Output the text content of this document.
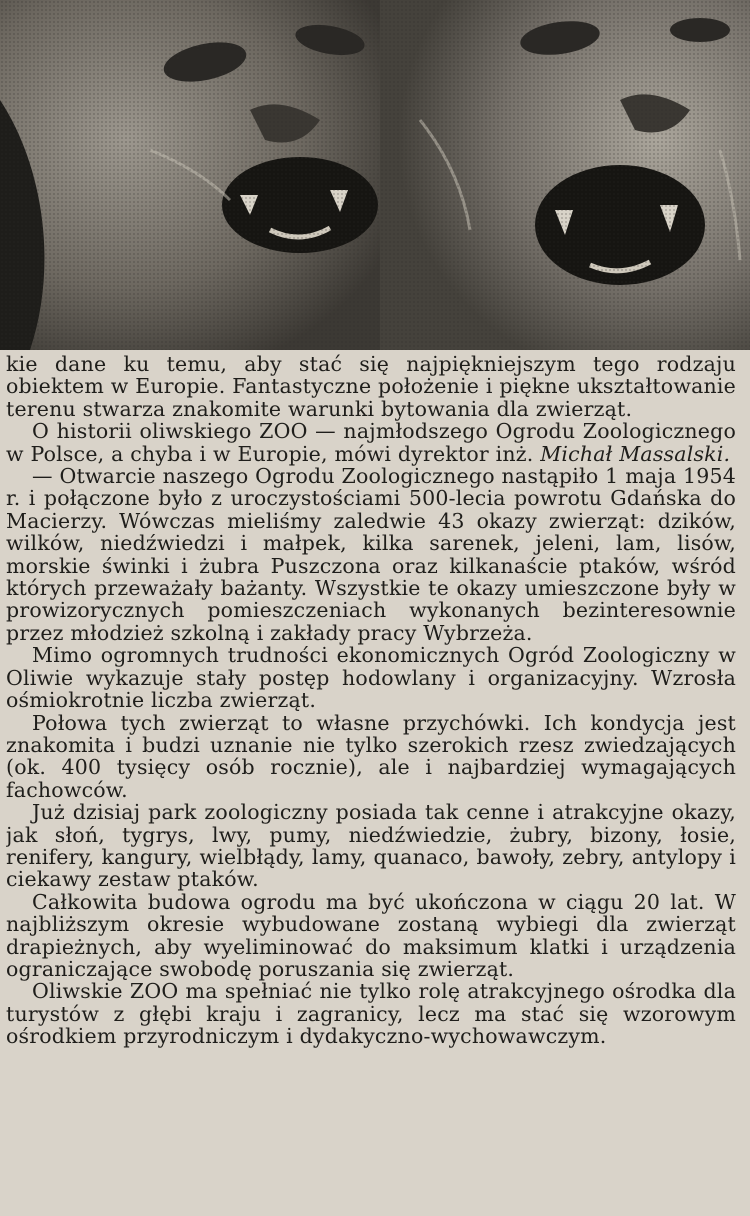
kie dane ku temu, aby stać się najpiękniejszym tego rodzaju obiektem w Europie. Fantastyczne położenie i piękne ukształtowanie terenu stwarza znakomite warunki bytowania dla zwierząt.

O historii oliwskiego ZOO — najmłodszego Ogrodu Zoologicznego w Polsce, a chyba i w Europie, mówi dyrektor inż. Michał Massalski.

— Otwarcie naszego Ogrodu Zoologicznego nastąpiło 1 maja 1954 r. i połączone było z uroczystościami 500-lecia powrotu Gdańska do Macierzy. Wówczas mieliśmy zaledwie 43 okazy zwierząt: dzików, wilków, niedźwiedzi i małpek, kilka sarenek, jeleni, lam, lisów, morskie świnki i żubra Puszczona oraz kilkanaście ptaków, wśród których przeważały bażanty. Wszystkie te okazy umieszczone były w prowizorycznych pomieszczeniach wykonanych bezinteresownie przez młodzież szkolną i zakłady pracy Wybrzeża.

Mimo ogromnych trudności ekonomicznych Ogród Zoologiczny w Oliwie wykazuje stały postęp hodowlany i organizacyjny. Wzrosła ośmiokrotnie liczba zwierząt.

Połowa tych zwierząt to własne przychówki. Ich kondycja jest znakomita i budzi uznanie nie tylko szerokich rzesz zwiedzających (ok. 400 tysięcy osób rocznie), ale i najbardziej wymagających fachowców.

Już dzisiaj park zoologiczny posiada tak cenne i atrakcyjne okazy, jak słoń, tygrys, lwy, pumy, niedźwiedzie, żubry, bizony, łosie, renifery, kangury, wielbłądy, lamy, quanaco, bawoły, zebry, antylopy i ciekawy zestaw ptaków.

Całkowita budowa ogrodu ma być ukończona w ciągu 20 lat. W najbliższym okresie wybudowane zostaną wybiegi dla zwierząt drapieżnych, aby wyeliminować do maksimum klatki i urządzenia ograniczające swobodę poruszania się zwierząt.

Oliwskie ZOO ma spełniać nie tylko rolę atrakcyjnego ośrodka dla turystów z głębi kraju i zagranicy, lecz ma stać się wzorowym ośrodkiem przyrodniczym i dydakyczno-wychowawczym.
